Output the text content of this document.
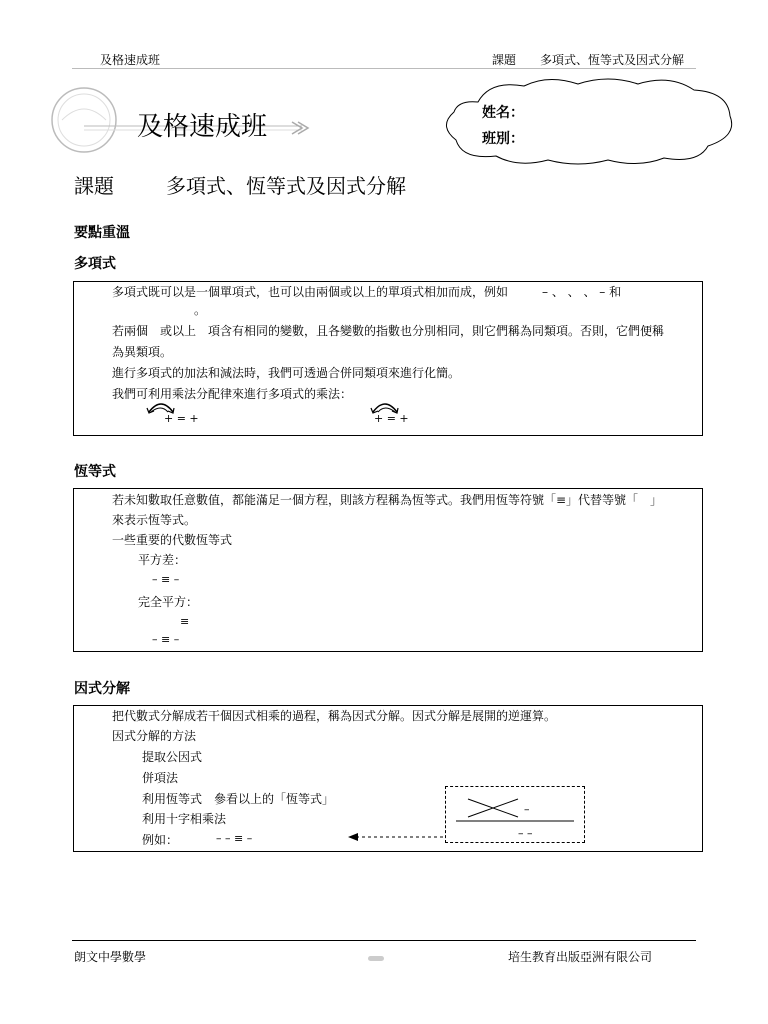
及格速成班	課題 多項式、恆等式及因式分解
及格速成班	姓名：
班別：
課題	多項式、恆等式及因式分解
要點重溫
多項式
多項式既可以是一個單項式，也可以由兩個或以上的單項式相加而成，例如	– 、 、 、 – 和
。
若兩個　或以上　項含有相同的變數，且各變數的指數也分別相同，則它們稱為同類項。否則，它們便稱
為異類項。
進行多項式的加法和減法時，我們可透過合併同類項來進行化簡。
我們可利用乘法分配律來進行多項式的乘法：
+ = +	+ = +
恆等式
若未知數取任意數值，都能滿足一個方程，則該方程稱為恆等式。我們用恆等符號「≡」代替等號「　」
來表示恆等式。
一些重要的代數恆等式
平方差：
– ≡ –
完全平方：
≡
– ≡ –
因式分解
把代數式分解成若干個因式相乘的過程，稱為因式分解。因式分解是展開的逆運算。
因式分解的方法
提取公因式
併項法
利用恆等式　參看以上的「恆等式」
利用十字相乘法
例如：	– – ≡ –
–
– –
朗文中學數學	培生教育出版亞洲有限公司
